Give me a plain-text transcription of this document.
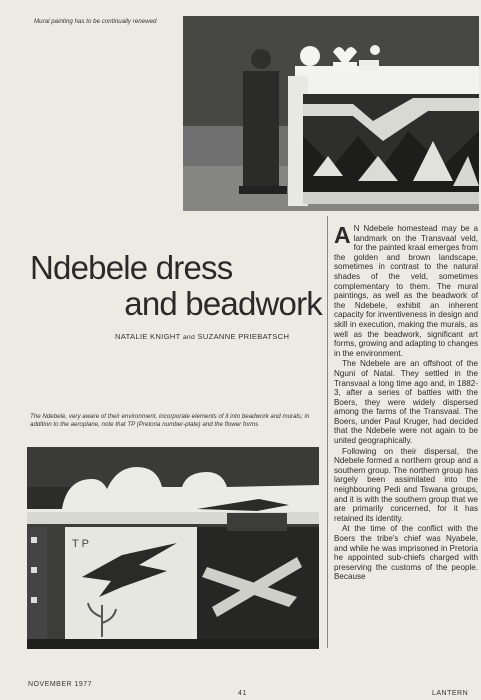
Mural painting has to be continually renewed
Ndebele dress
and beadwork
NATALIE KNIGHT and SUZANNE PRIEBATSCH
The Ndebele, very aware of their environment, incorporate elements of it into beadwork and murals; in addition to the aeroplane, note that TP (Pretoria number-plate) and the flower forms
T P

A N Ndebele homestead may be a landmark on the Transvaal veld, for the painted kraal emerges from the golden and brown landscape, sometimes in contrast to the natural shades of the veld, sometimes complementary to them. The mural paintings, as well as the beadwork of the Ndebele, exhibit an inherent capacity for inventiveness in design and skill in execution, making the murals, as well as the beadwork, significant art forms, growing and adapting to changes in the environment.

The Ndebele are an offshoot of the Nguni of Natal. They settled in the Transvaal a long time ago and, in 1882-3, after a series of battles with the Boers, they were widely dispersed among the farms of the Transvaal. The Boers, under Paul Kruger, had decided that the Ndebele were not again to be united geographically.

Following on their dispersal, the Ndebele formed a northern group and a southern group. The northern group has largely been assimilated into the neighbouring Pedi and Tswana groups, and it is with the southern group that we are primarily concerned, for it has retained its identity.

At the time of the conflict with the Boers the tribe's chief was Nyabele, and while he was imprisoned in Pretoria he appointed sub-chiefs charged with preserving the customs of the people. Because

NOVEMBER 1977
41	LANTERN
